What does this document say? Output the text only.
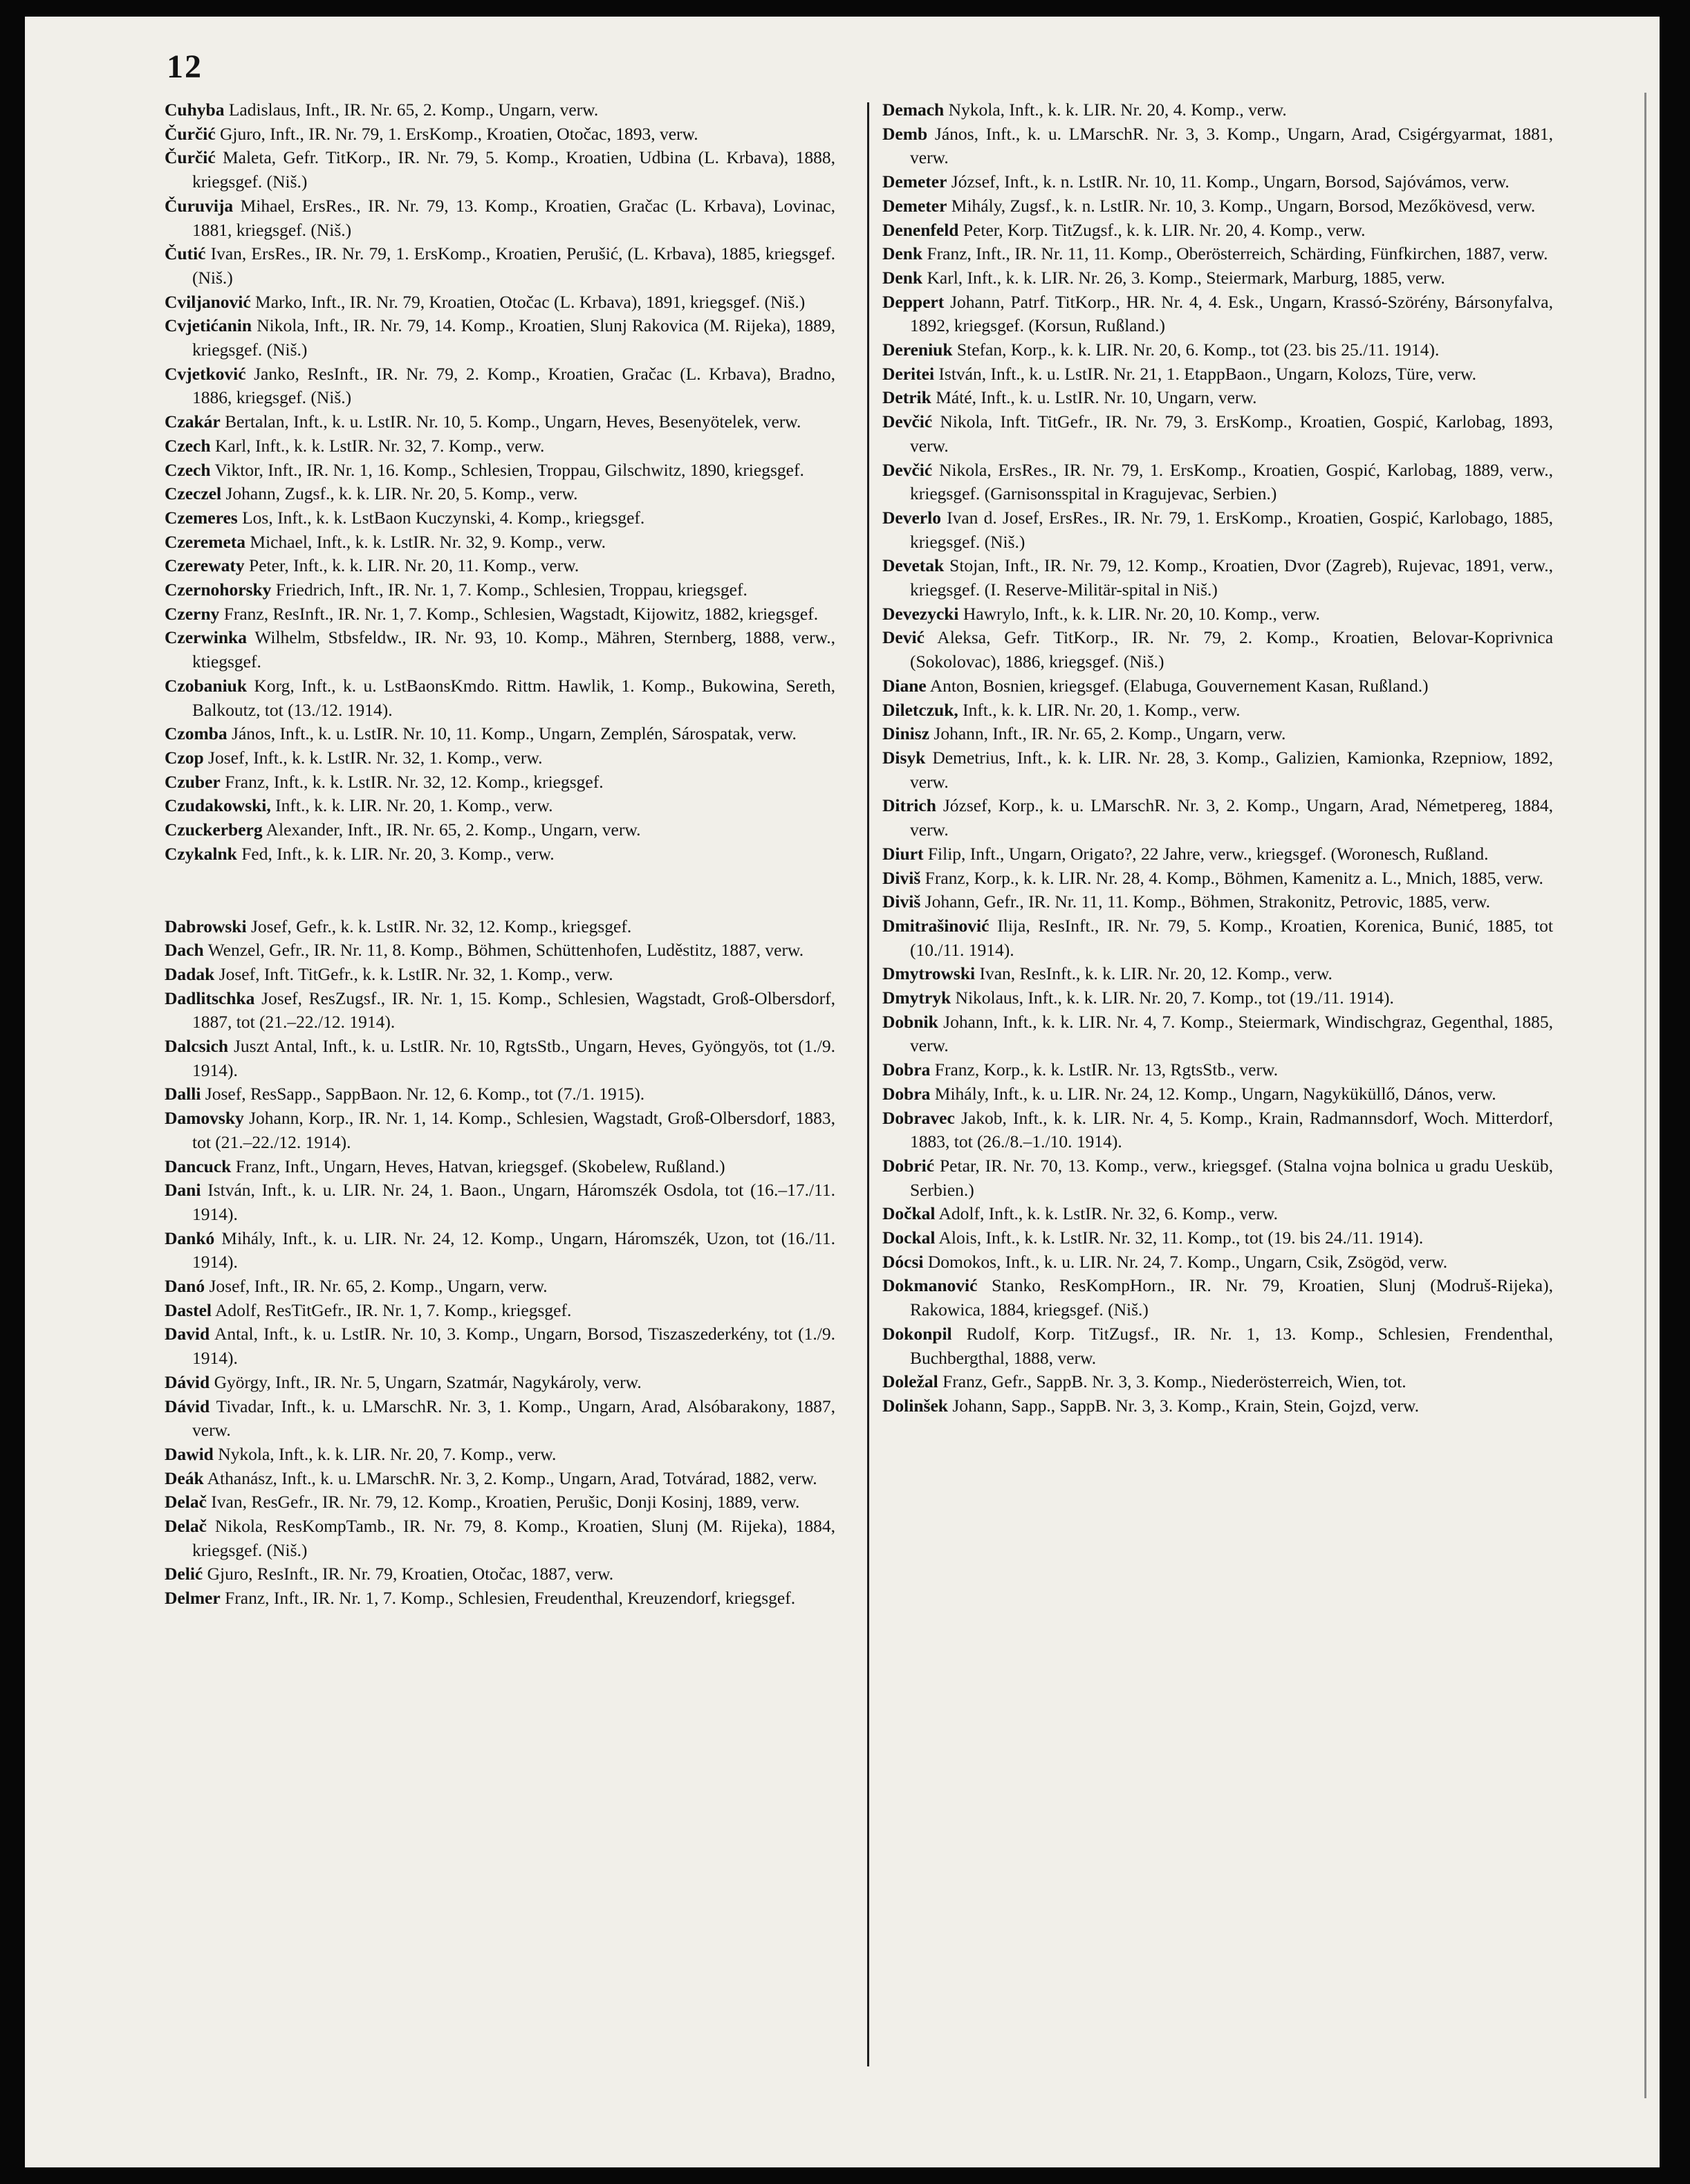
12

Cuhyba Ladislaus, Inft., IR. Nr. 65, 2. Komp., Ungarn, verw.

Čurčić Gjuro, Inft., IR. Nr. 79, 1. ErsKomp., Kroatien, Otočac, 1893, verw.

Čurčić Maleta, Gefr. TitKorp., IR. Nr. 79, 5. Komp., Kroatien, Udbina (L. Krbava), 1888, kriegsgef. (Niš.)

Čuruvija Mihael, ErsRes., IR. Nr. 79, 13. Komp., Kroatien, Gračac (L. Krbava), Lovinac, 1881, kriegsgef. (Niš.)

Čutić Ivan, ErsRes., IR. Nr. 79, 1. ErsKomp., Kroatien, Perušić, (L. Krbava), 1885, kriegsgef. (Niš.)

Cviljanović Marko, Inft., IR. Nr. 79, Kroatien, Otočac (L. Krbava), 1891, kriegsgef. (Niš.)

Cvjetićanin Nikola, Inft., IR. Nr. 79, 14. Komp., Kroatien, Slunj Rakovica (M. Rijeka), 1889, kriegsgef. (Niš.)

Cvjetković Janko, ResInft., IR. Nr. 79, 2. Komp., Kroatien, Gračac (L. Krbava), Bradno, 1886, kriegsgef. (Niš.)

Czakár Bertalan, Inft., k. u. LstIR. Nr. 10, 5. Komp., Ungarn, Heves, Besenyötelek, verw.

Czech Karl, Inft., k. k. LstIR. Nr. 32, 7. Komp., verw.

Czech Viktor, Inft., IR. Nr. 1, 16. Komp., Schlesien, Troppau, Gilschwitz, 1890, kriegsgef.

Czeczel Johann, Zugsf., k. k. LIR. Nr. 20, 5. Komp., verw.

Czemeres Los, Inft., k. k. LstBaon Kuczynski, 4. Komp., kriegsgef.

Czeremeta Michael, Inft., k. k. LstIR. Nr. 32, 9. Komp., verw.

Czerewaty Peter, Inft., k. k. LIR. Nr. 20, 11. Komp., verw.

Czernohorsky Friedrich, Inft., IR. Nr. 1, 7. Komp., Schlesien, Troppau, kriegsgef.

Czerny Franz, ResInft., IR. Nr. 1, 7. Komp., Schlesien, Wagstadt, Kijowitz, 1882, kriegsgef.

Czerwinka Wilhelm, Stbsfeldw., IR. Nr. 93, 10. Komp., Mähren, Sternberg, 1888, verw., ktiegsgef.

Czobaniuk Korg, Inft., k. u. LstBaonsKmdo. Rittm. Hawlik, 1. Komp., Bukowina, Sereth, Balkoutz, tot (13./12. 1914).

Czomba János, Inft., k. u. LstIR. Nr. 10, 11. Komp., Ungarn, Zemplén, Sárospatak, verw.

Czop Josef, Inft., k. k. LstIR. Nr. 32, 1. Komp., verw.

Czuber Franz, Inft., k. k. LstIR. Nr. 32, 12. Komp., kriegsgef.

Czudakowski, Inft., k. k. LIR. Nr. 20, 1. Komp., verw.

Czuckerberg Alexander, Inft., IR. Nr. 65, 2. Komp., Ungarn, verw.

Czykalnk Fed, Inft., k. k. LIR. Nr. 20, 3. Komp., verw.

Dabrowski Josef, Gefr., k. k. LstIR. Nr. 32, 12. Komp., kriegsgef.

Dach Wenzel, Gefr., IR. Nr. 11, 8. Komp., Böhmen, Schüttenhofen, Luděstitz, 1887, verw.

Dadak Josef, Inft. TitGefr., k. k. LstIR. Nr. 32, 1. Komp., verw.

Dadlitschka Josef, ResZugsf., IR. Nr. 1, 15. Komp., Schlesien, Wagstadt, Groß-Olbersdorf, 1887, tot (21.–22./12. 1914).

Dalcsich Juszt Antal, Inft., k. u. LstIR. Nr. 10, RgtsStb., Ungarn, Heves, Gyöngyös, tot (1./9. 1914).

Dalli Josef, ResSapp., SappBaon. Nr. 12, 6. Komp., tot (7./1. 1915).

Damovsky Johann, Korp., IR. Nr. 1, 14. Komp., Schlesien, Wagstadt, Groß-Olbersdorf, 1883, tot (21.–22./12. 1914).

Dancuck Franz, Inft., Ungarn, Heves, Hatvan, kriegsgef. (Skobelew, Rußland.)

Dani István, Inft., k. u. LIR. Nr. 24, 1. Baon., Ungarn, Háromszék Osdola, tot (16.–17./11. 1914).

Dankó Mihály, Inft., k. u. LIR. Nr. 24, 12. Komp., Ungarn, Háromszék, Uzon, tot (16./11. 1914).

Danó Josef, Inft., IR. Nr. 65, 2. Komp., Ungarn, verw.

Dastel Adolf, ResTitGefr., IR. Nr. 1, 7. Komp., kriegsgef.

David Antal, Inft., k. u. LstIR. Nr. 10, 3. Komp., Ungarn, Borsod, Tiszaszederkény, tot (1./9. 1914).

Dávid György, Inft., IR. Nr. 5, Ungarn, Szatmár, Nagykároly, verw.

Dávid Tivadar, Inft., k. u. LMarschR. Nr. 3, 1. Komp., Ungarn, Arad, Alsóbarakony, 1887, verw.

Dawid Nykola, Inft., k. k. LIR. Nr. 20, 7. Komp., verw.

Deák Athanász, Inft., k. u. LMarschR. Nr. 3, 2. Komp., Ungarn, Arad, Totvárad, 1882, verw.

Delač Ivan, ResGefr., IR. Nr. 79, 12. Komp., Kroatien, Perušic, Donji Kosinj, 1889, verw.

Delač Nikola, ResKompTamb., IR. Nr. 79, 8. Komp., Kroatien, Slunj (M. Rijeka), 1884, kriegsgef. (Niš.)

Delić Gjuro, ResInft., IR. Nr. 79, Kroatien, Otočac, 1887, verw.

Delmer Franz, Inft., IR. Nr. 1, 7. Komp., Schlesien, Freudenthal, Kreuzendorf, kriegsgef.

Demach Nykola, Inft., k. k. LIR. Nr. 20, 4. Komp., verw.

Demb János, Inft., k. u. LMarschR. Nr. 3, 3. Komp., Ungarn, Arad, Csigérgyarmat, 1881, verw.

Demeter József, Inft., k. n. LstIR. Nr. 10, 11. Komp., Ungarn, Borsod, Sajóvámos, verw.

Demeter Mihály, Zugsf., k. n. LstIR. Nr. 10, 3. Komp., Ungarn, Borsod, Mezőkövesd, verw.

Denenfeld Peter, Korp. TitZugsf., k. k. LIR. Nr. 20, 4. Komp., verw.

Denk Franz, Inft., IR. Nr. 11, 11. Komp., Oberösterreich, Schärding, Fünfkirchen, 1887, verw.

Denk Karl, Inft., k. k. LIR. Nr. 26, 3. Komp., Steiermark, Marburg, 1885, verw.

Deppert Johann, Patrf. TitKorp., HR. Nr. 4, 4. Esk., Ungarn, Krassó-Szörény, Bársonyfalva, 1892, kriegsgef. (Korsun, Rußland.)

Dereniuk Stefan, Korp., k. k. LIR. Nr. 20, 6. Komp., tot (23. bis 25./11. 1914).

Deritei István, Inft., k. u. LstIR. Nr. 21, 1. EtappBaon., Ungarn, Kolozs, Türe, verw.

Detrik Máté, Inft., k. u. LstIR. Nr. 10, Ungarn, verw.

Devčić Nikola, Inft. TitGefr., IR. Nr. 79, 3. ErsKomp., Kroatien, Gospić, Karlobag, 1893, verw.

Devčić Nikola, ErsRes., IR. Nr. 79, 1. ErsKomp., Kroatien, Gospić, Karlobag, 1889, verw., kriegsgef. (Garnisonsspital in Kragujevac, Serbien.)

Deverlo Ivan d. Josef, ErsRes., IR. Nr. 79, 1. ErsKomp., Kroatien, Gospić, Karlobago, 1885, kriegsgef. (Niš.)

Devetak Stojan, Inft., IR. Nr. 79, 12. Komp., Kroatien, Dvor (Zagreb), Rujevac, 1891, verw., kriegsgef. (I. Reserve-Militär-spital in Niš.)

Devezycki Hawrylo, Inft., k. k. LIR. Nr. 20, 10. Komp., verw.

Dević Aleksa, Gefr. TitKorp., IR. Nr. 79, 2. Komp., Kroatien, Belovar-Koprivnica (Sokolovac), 1886, kriegsgef. (Niš.)

Diane Anton, Bosnien, kriegsgef. (Elabuga, Gouvernement Kasan, Rußland.)

Diletczuk, Inft., k. k. LIR. Nr. 20, 1. Komp., verw.

Dinisz Johann, Inft., IR. Nr. 65, 2. Komp., Ungarn, verw.

Disyk Demetrius, Inft., k. k. LIR. Nr. 28, 3. Komp., Galizien, Kamionka, Rzepniow, 1892, verw.

Ditrich József, Korp., k. u. LMarschR. Nr. 3, 2. Komp., Ungarn, Arad, Németpereg, 1884, verw.

Diurt Filip, Inft., Ungarn, Origato?, 22 Jahre, verw., kriegsgef. (Woronesch, Rußland.

Diviš Franz, Korp., k. k. LIR. Nr. 28, 4. Komp., Böhmen, Kamenitz a. L., Mnich, 1885, verw.

Diviš Johann, Gefr., IR. Nr. 11, 11. Komp., Böhmen, Strakonitz, Petrovic, 1885, verw.

Dmitrašinović Ilija, ResInft., IR. Nr. 79, 5. Komp., Kroatien, Korenica, Bunić, 1885, tot (10./11. 1914).

Dmytrowski Ivan, ResInft., k. k. LIR. Nr. 20, 12. Komp., verw.

Dmytryk Nikolaus, Inft., k. k. LIR. Nr. 20, 7. Komp., tot (19./11. 1914).

Dobnik Johann, Inft., k. k. LIR. Nr. 4, 7. Komp., Steiermark, Windischgraz, Gegenthal, 1885, verw.

Dobra Franz, Korp., k. k. LstIR. Nr. 13, RgtsStb., verw.

Dobra Mihály, Inft., k. u. LIR. Nr. 24, 12. Komp., Ungarn, Nagyküküllő, Dános, verw.

Dobravec Jakob, Inft., k. k. LIR. Nr. 4, 5. Komp., Krain, Radmannsdorf, Woch. Mitterdorf, 1883, tot (26./8.–1./10. 1914).

Dobrić Petar, IR. Nr. 70, 13. Komp., verw., kriegsgef. (Stalna vojna bolnica u gradu Uesküb, Serbien.)

Dočkal Adolf, Inft., k. k. LstIR. Nr. 32, 6. Komp., verw.

Dockal Alois, Inft., k. k. LstIR. Nr. 32, 11. Komp., tot (19. bis 24./11. 1914).

Dócsi Domokos, Inft., k. u. LIR. Nr. 24, 7. Komp., Ungarn, Csik, Zsögöd, verw.

Dokmanović Stanko, ResKompHorn., IR. Nr. 79, Kroatien, Slunj (Modruš-Rijeka), Rakowica, 1884, kriegsgef. (Niš.)

Dokonpil Rudolf, Korp. TitZugsf., IR. Nr. 1, 13. Komp., Schlesien, Frendenthal, Buchbergthal, 1888, verw.

Doležal Franz, Gefr., SappB. Nr. 3, 3. Komp., Niederösterreich, Wien, tot.

Dolinšek Johann, Sapp., SappB. Nr. 3, 3. Komp., Krain, Stein, Gojzd, verw.
